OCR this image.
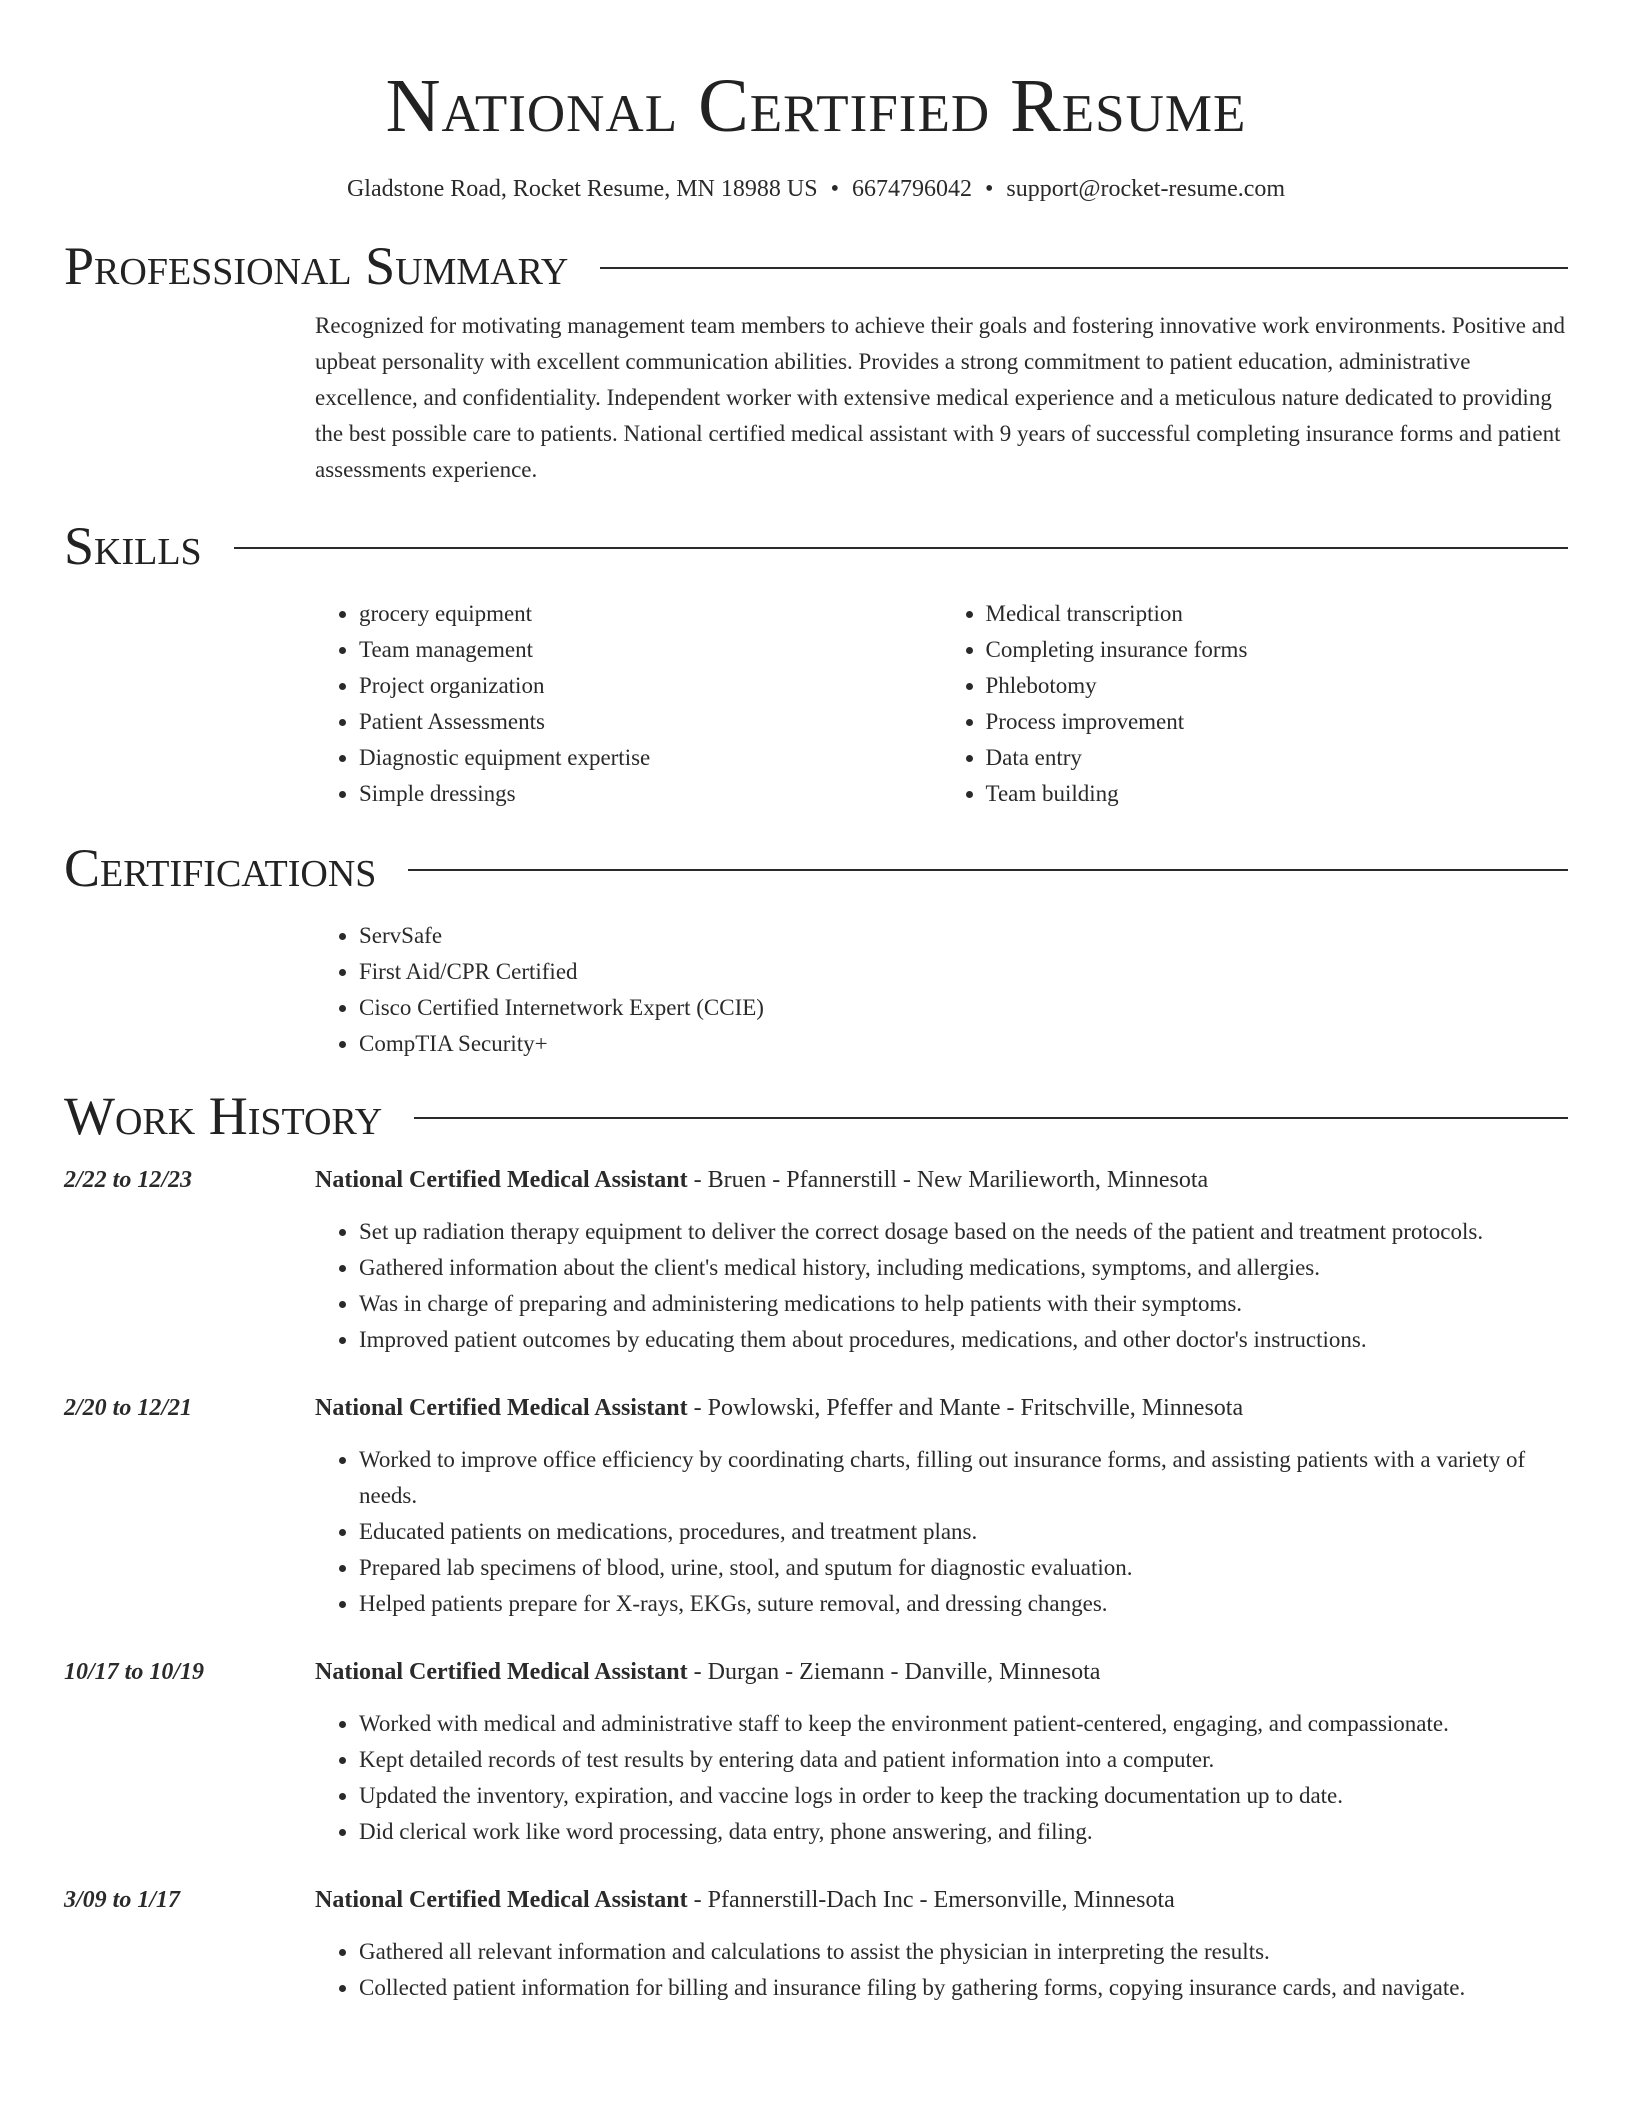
National Certified Resume
Gladstone Road, Rocket Resume, MN 18988 US • 6674796042 • support@rocket-resume.com
Professional Summary

Recognized for motivating management team members to achieve their goals and fostering innovative work environments. Positive and upbeat personality with excellent communication abilities. Provides a strong commitment to patient education, administrative excellence, and confidentiality. Independent worker with extensive medical experience and a meticulous nature dedicated to providing the best possible care to patients. National certified medical assistant with 9 years of successful completing insurance forms and patient assessments experience.

Skills
• grocery equipment
• Team management
• Project organization
• Patient Assessments
• Diagnostic equipment expertise
• Simple dressings
• Medical transcription
• Completing insurance forms
• Phlebotomy
• Process improvement
• Data entry
• Team building
Certifications
• ServSafe
• First Aid/CPR Certified
• Cisco Certified Internetwork Expert (CCIE)
• CompTIA Security+
Work History
2/22 to 12/23	National Certified Medical Assistant - Bruen - Pfannerstill - New Marilieworth, Minnesota
• Set up radiation therapy equipment to deliver the correct dosage based on the needs of the patient and treatment protocols.
• Gathered information about the client's medical history, including medications, symptoms, and allergies.
• Was in charge of preparing and administering medications to help patients with their symptoms.
• Improved patient outcomes by educating them about procedures, medications, and other doctor's instructions.
2/20 to 12/21	National Certified Medical Assistant - Powlowski, Pfeffer and Mante - Fritschville, Minnesota
• Worked to improve office efficiency by coordinating charts, filling out insurance forms, and assisting patients with a variety of needs.
• Educated patients on medications, procedures, and treatment plans.
• Prepared lab specimens of blood, urine, stool, and sputum for diagnostic evaluation.
• Helped patients prepare for X-rays, EKGs, suture removal, and dressing changes.
10/17 to 10/19	National Certified Medical Assistant - Durgan - Ziemann - Danville, Minnesota
• Worked with medical and administrative staff to keep the environment patient-centered, engaging, and compassionate.
• Kept detailed records of test results by entering data and patient information into a computer.
• Updated the inventory, expiration, and vaccine logs in order to keep the tracking documentation up to date.
• Did clerical work like word processing, data entry, phone answering, and filing.
3/09 to 1/17	National Certified Medical Assistant - Pfannerstill-Dach Inc - Emersonville, Minnesota
• Gathered all relevant information and calculations to assist the physician in interpreting the results.
• Collected patient information for billing and insurance filing by gathering forms, copying insurance cards, and navigate.
